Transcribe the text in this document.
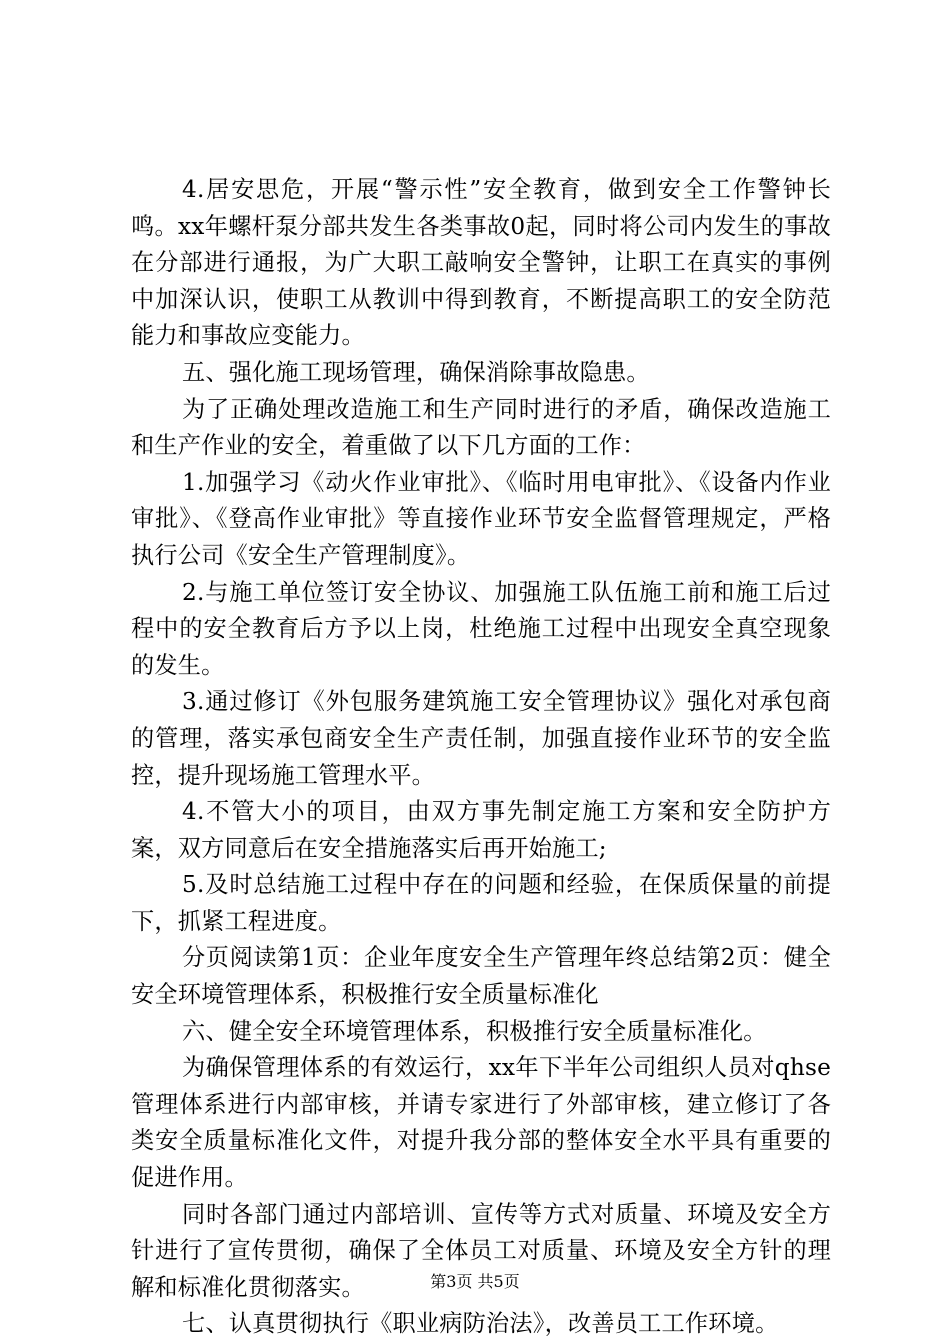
4.居安思危，开展“警示性”安全教育，做到安全工作警钟长鸣。xx年螺杆泵分部共发生各类事故0起，同时将公司内发生的事故在分部进行通报，为广大职工敲响安全警钟，让职工在真实的事例中加深认识，使职工从教训中得到教育，不断提高职工的安全防范能力和事故应变能力。

五、强化施工现场管理，确保消除事故隐患。

为了正确处理改造施工和生产同时进行的矛盾，确保改造施工和生产作业的安全，着重做了以下几方面的工作：

1.加强学习《动火作业审批》、《临时用电审批》、《设备内作业审批》、《登高作业审批》等直接作业环节安全监督管理规定，严格执行公司《安全生产管理制度》。

2.与施工单位签订安全协议、加强施工队伍施工前和施工后过程中的安全教育后方予以上岗，杜绝施工过程中出现安全真空现象的发生。

3.通过修订《外包服务建筑施工安全管理协议》强化对承包商的管理，落实承包商安全生产责任制，加强直接作业环节的安全监控，提升现场施工管理水平。

4.不管大小的项目，由双方事先制定施工方案和安全防护方案，双方同意后在安全措施落实后再开始施工;

5.及时总结施工过程中存在的问题和经验，在保质保量的前提下，抓紧工程进度。

分页阅读第1页：企业年度安全生产管理年终总结第2页：健全安全环境管理体系，积极推行安全质量标准化

六、健全安全环境管理体系，积极推行安全质量标准化。

为确保管理体系的有效运行，xx年下半年公司组织人员对qhse管理体系进行内部审核，并请专家进行了外部审核，建立修订了各类安全质量标准化文件，对提升我分部的整体安全水平具有重要的促进作用。

同时各部门通过内部培训、宣传等方式对质量、环境及安全方针进行了宣传贯彻，确保了全体员工对质量、环境及安全方针的理解和标准化贯彻落实。

七、认真贯彻执行《职业病防治法》，改善员工工作环境。

第3页 共5页
